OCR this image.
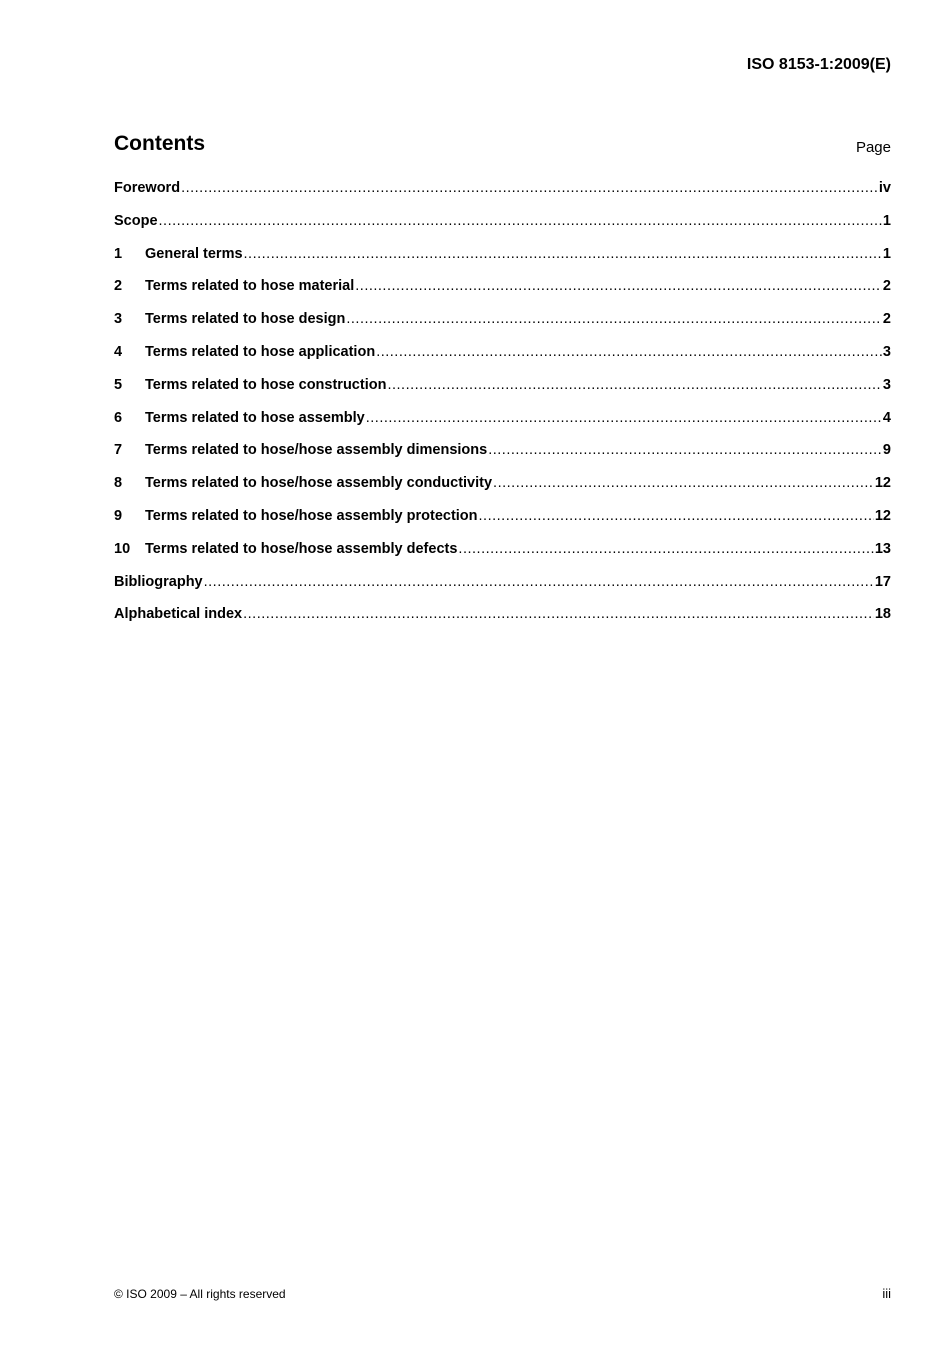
ISO 8153-1:2009(E)
Contents	Page
Foreword .....	iv
Scope .....	1
1	General terms .....	1
2	Terms related to hose material .....	2
3	Terms related to hose design .....	2
4	Terms related to hose application .....	3
5	Terms related to hose construction .....	3
6	Terms related to hose assembly .....	4
7	Terms related to hose/hose assembly dimensions .....	9
8	Terms related to hose/hose assembly conductivity .....	12
9	Terms related to hose/hose assembly protection .....	12
10	Terms related to hose/hose assembly defects .....	13
Bibliography .....	17
Alphabetical index .....	18
© ISO 2009 – All rights reserved	iii
